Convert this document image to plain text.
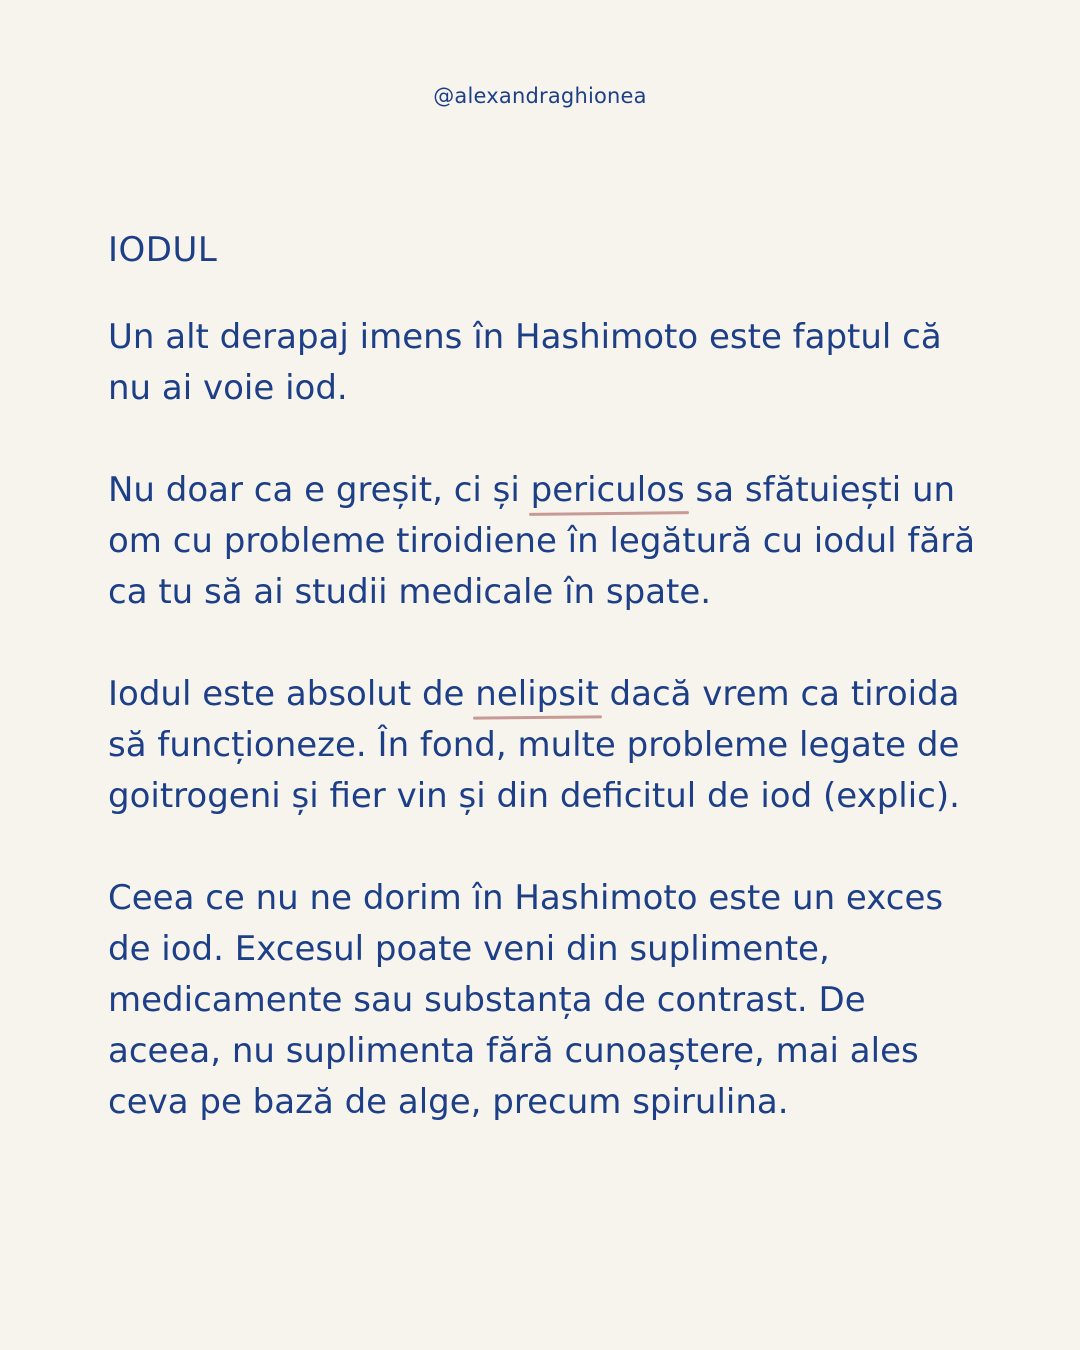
@alexandraghionea
IODUL

Un alt derapaj imens în Hashimoto este faptul că nu ai voie iod.

Nu doar ca e greșit, ci și periculos sa sfătuiești un om cu probleme tiroidiene în legătură cu iodul fără ca tu să ai studii medicale în spate.

Iodul este absolut de nelipsit dacă vrem ca tiroida să funcționeze. În fond, multe probleme legate de goitrogeni și fier vin și din deficitul de iod (explic).

Ceea ce nu ne dorim în Hashimoto este un exces de iod. Excesul poate veni din suplimente, medicamente sau substanța de contrast. De aceea, nu suplimenta fără cunoaștere, mai ales ceva pe bază de alge, precum spirulina.
